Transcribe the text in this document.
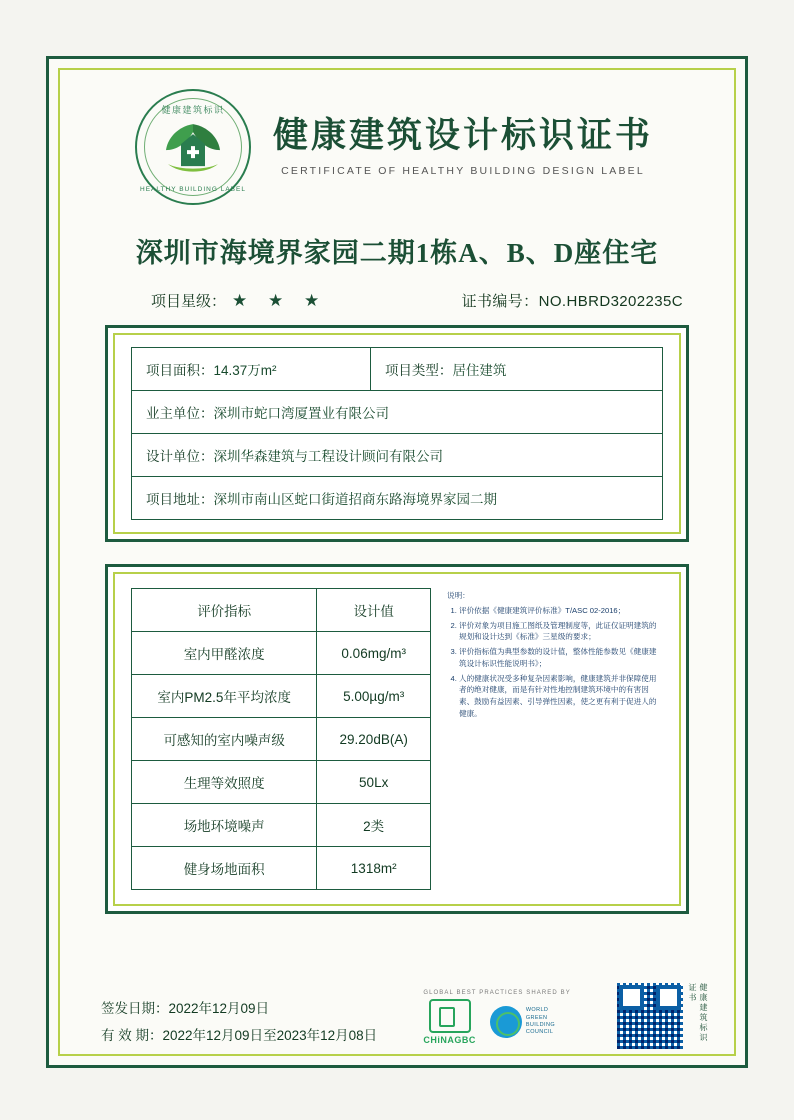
健康建筑标识
HEALTHY BUILDING LABEL
健康建筑设计标识证书
CERTIFICATE OF HEALTHY BUILDING DESIGN LABEL
深圳市海境界家园二期1栋A、B、D座住宅
项目星级： ★ ★ ★	证书编号：NO.HBRD3202235C
项目面积：14.37万m²	项目类型：居住建筑
业主单位：深圳市蛇口湾厦置业有限公司
设计单位：深圳华森建筑与工程设计顾问有限公司
项目地址：深圳市南山区蛇口街道招商东路海境界家园二期
评价指标	设计值
室内甲醛浓度	0.06mg/m³
室内PM2.5年平均浓度	5.00µg/m³
可感知的室内噪声级	29.20dB(A)
生理等效照度	50Lx
场地环境噪声	2类
健身场地面积	1318m²
说明：
1. 评价依据《健康建筑评价标准》T/ASC 02-2016；
2. 评价对象为项目施工图纸及管理制度等，此证仅证明建筑的规划和设计达到《标准》三星级的要求；
3. 评价指标值为典型参数的设计值，整体性能参数见《健康建筑设计标识性能说明书》；
4. 人的健康状况受多种复杂因素影响，健康建筑并非保障使用者的绝对健康，而是有针对性地控制建筑环境中的有害因素、鼓励有益因素、引导弹性因素，使之更有利于促进人的健康。
签发日期：2022年12月09日
有 效 期：2022年12月09日至2023年12月08日
GLOBAL BEST PRACTICES SHARED BY
CHiNAGBC
WORLD
GREEN
BUILDING
COUNCIL	健康建筑标识证书
